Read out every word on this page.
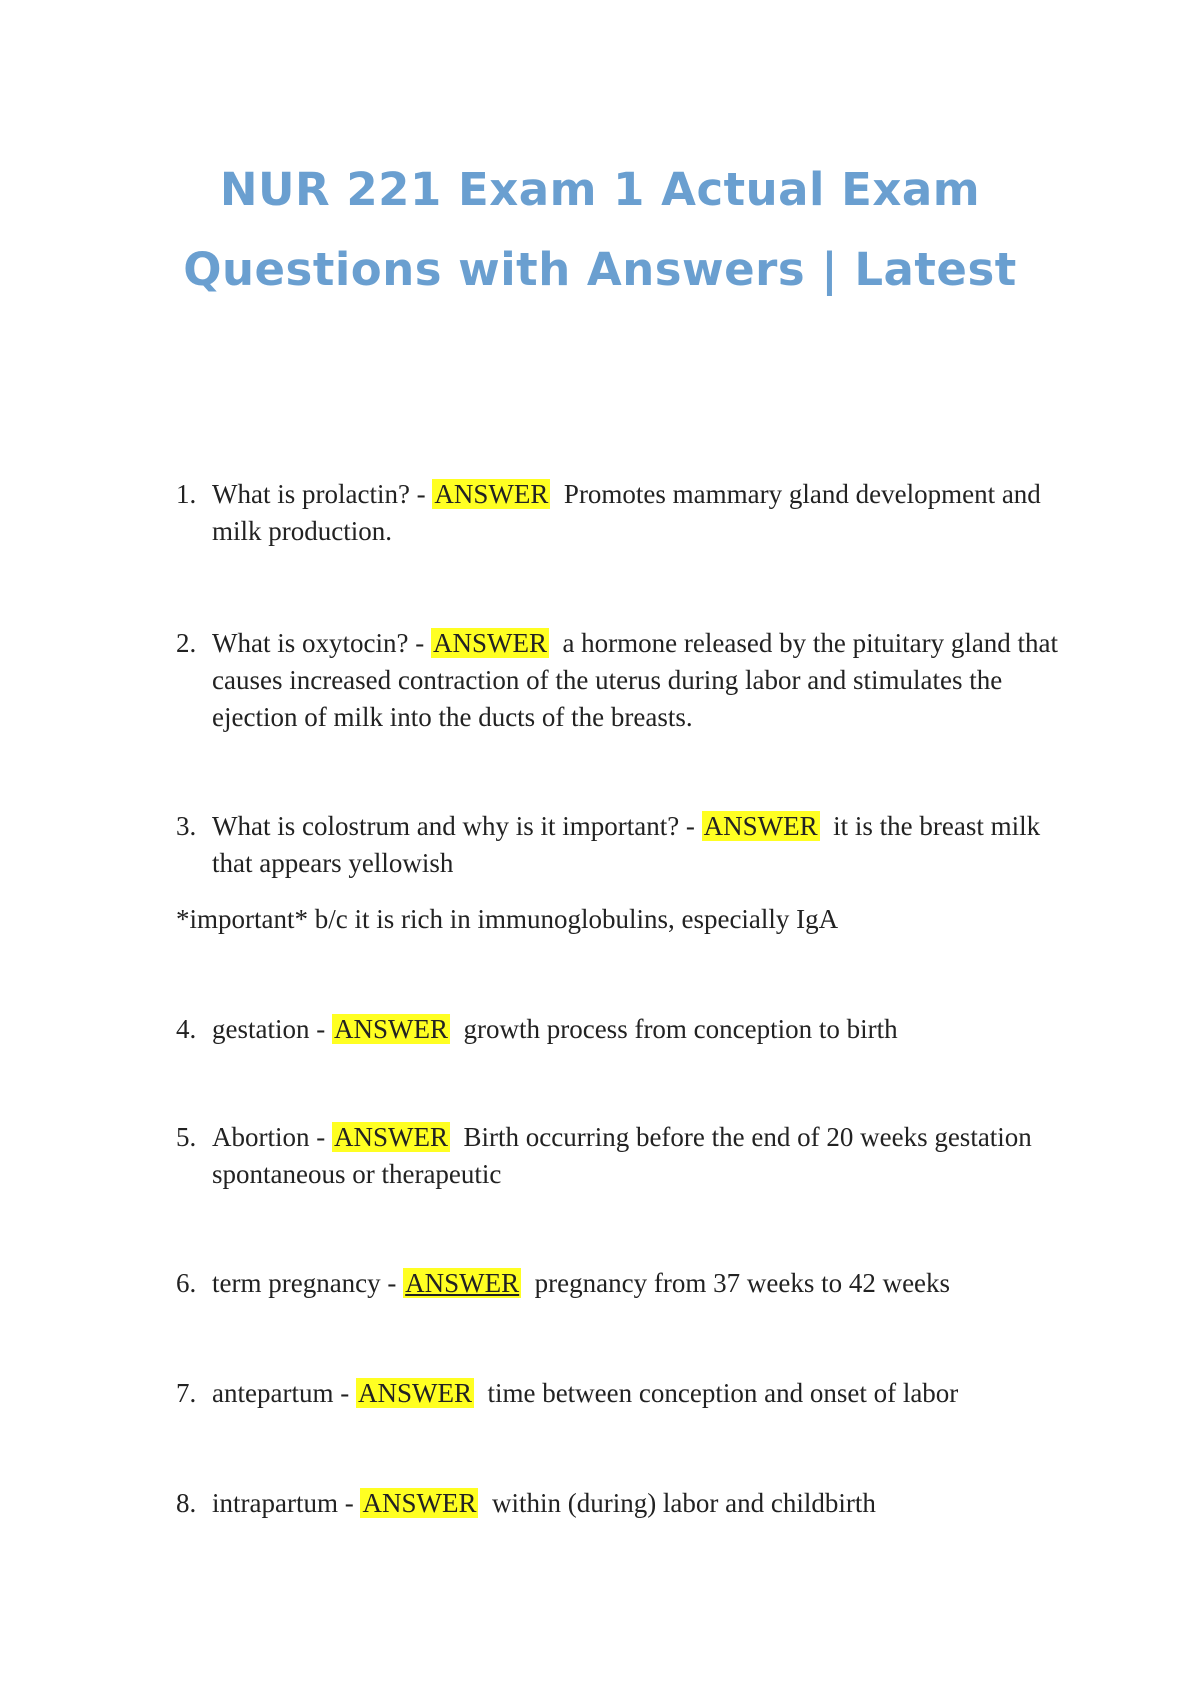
NUR 221 Exam 1 Actual Exam
Questions with Answers | Latest
1. What is prolactin? - ANSWER Promotes mammary gland development and milk production.
2. What is oxytocin? - ANSWER a hormone released by the pituitary gland that causes increased contraction of the uterus during labor and stimulates the ejection of milk into the ducts of the breasts.
3. What is colostrum and why is it important? - ANSWER it is the breast milk that appears yellowish
*important* b/c it is rich in immunoglobulins, especially IgA
4. gestation - ANSWER growth process from conception to birth
5. Abortion - ANSWER Birth occurring before the end of 20 weeks gestation spontaneous or therapeutic
6. term pregnancy - ANSWER pregnancy from 37 weeks to 42 weeks
7. antepartum - ANSWER time between conception and onset of labor
8. intrapartum - ANSWER within (during) labor and childbirth
